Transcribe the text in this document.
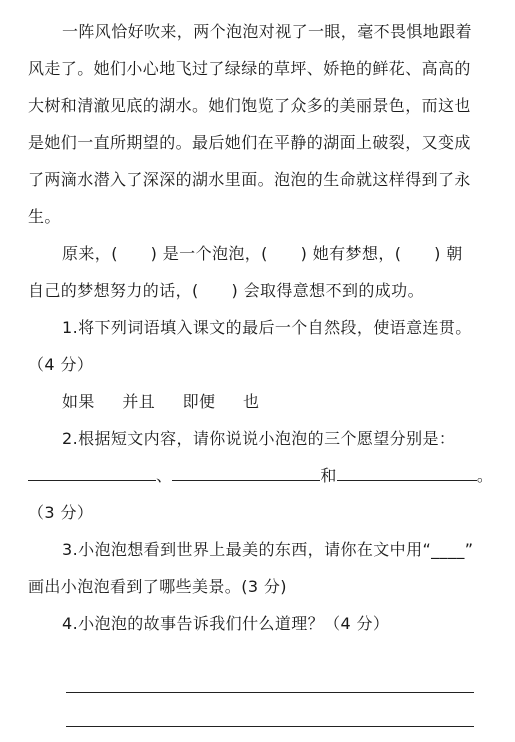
一阵风恰好吹来，两个泡泡对视了一眼，毫不畏惧地跟着
风走了。她们小心地飞过了绿绿的草坪、娇艳的鲜花、高高的
大树和清澈见底的湖水。她们饱览了众多的美丽景色，而这也
是她们一直所期望的。最后她们在平静的湖面上破裂，又变成
了两滴水潜入了深深的湖水里面。泡泡的生命就这样得到了永
生。
原来，(　　) 是一个泡泡，(　　) 她有梦想，(　　) 朝
自己的梦想努力的话，(　　) 会取得意想不到的成功。
1.将下列词语填入课文的最后一个自然段，使语意连贯。
（4 分）
如果 并且 即便 也
2.根据短文内容，请你说说小泡泡的三个愿望分别是：
、	和	。
（3 分）
3.小泡泡想看到世界上最美的东西，请你在文中用“____”
画出小泡泡看到了哪些美景。(3 分)
4.小泡泡的故事告诉我们什么道理？（4 分）
